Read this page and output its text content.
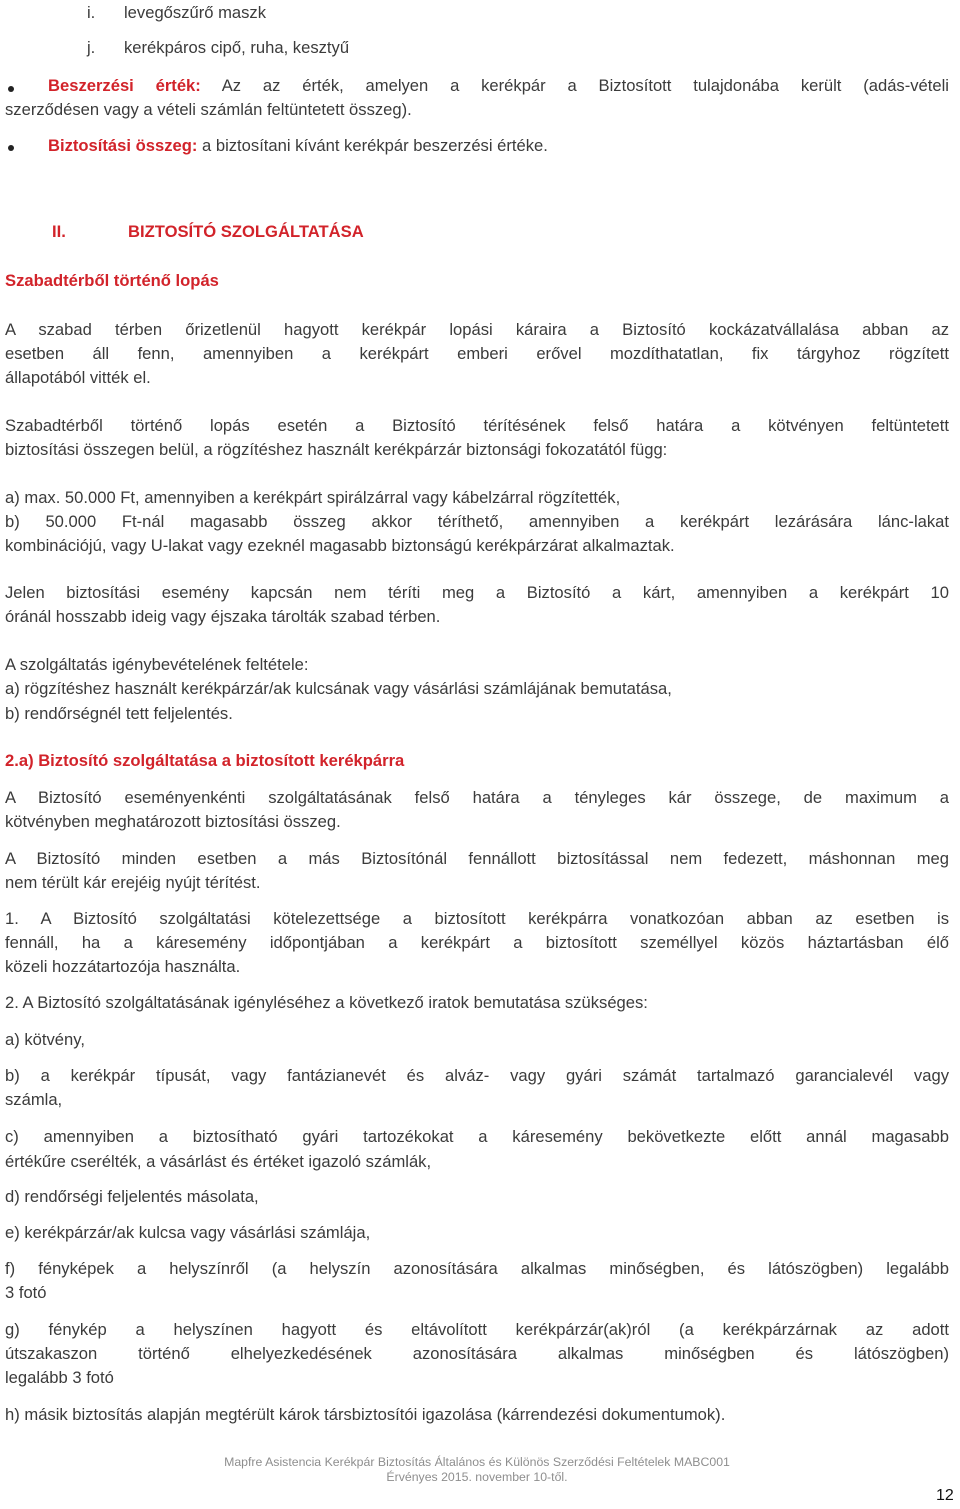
i. levegőszűrő maszk
j. kerékpáros cipő, ruha, kesztyű
Beszerzési érték: Az az érték, amelyen a kerékpár a Biztosított tulajdonába került (adás-vételi
szerződésen vagy a vételi számlán feltüntetett összeg).
Biztosítási összeg: a biztosítani kívánt kerékpár beszerzési értéke.
II.	BIZTOSÍTÓ SZOLGÁLTATÁSA
Szabadtérből történő lopás
A szabad térben őrizetlenül hagyott kerékpár lopási káraira a Biztosító kockázatvállalása abban az
esetben áll fenn, amennyiben a kerékpárt emberi erővel mozdíthatatlan, fix tárgyhoz rögzített
állapotából vitték el.
Szabadtérből történő lopás esetén a Biztosító térítésének felső határa a kötvényen feltüntetett
biztosítási összegen belül, a rögzítéshez használt kerékpárzár biztonsági fokozatától függ:
a) max. 50.000 Ft, amennyiben a kerékpárt spirálzárral vagy kábelzárral rögzítették,
b) 50.000 Ft-nál magasabb összeg akkor téríthető, amennyiben a kerékpárt lezárására lánc-lakat
kombinációjú, vagy U-lakat vagy ezeknél magasabb biztonságú kerékpárzárat alkalmaztak.
Jelen biztosítási esemény kapcsán nem téríti meg a Biztosító a kárt, amennyiben a kerékpárt 10
óránál hosszabb ideig vagy éjszaka tárolták szabad térben.
A szolgáltatás igénybevételének feltétele:
a) rögzítéshez használt kerékpárzár/ak kulcsának vagy vásárlási számlájának bemutatása,
b) rendőrségnél tett feljelentés.
2.a) Biztosító szolgáltatása a biztosított kerékpárra
A Biztosító eseményenkénti szolgáltatásának felső határa a tényleges kár összege, de maximum a
kötvényben meghatározott biztosítási összeg.
A Biztosító minden esetben a más Biztosítónál fennállott biztosítással nem fedezett, máshonnan meg
nem térült kár erejéig nyújt térítést.
1. A Biztosító szolgáltatási kötelezettsége a biztosított kerékpárra vonatkozóan abban az esetben is
fennáll, ha a káresemény időpontjában a kerékpárt a biztosított személlyel közös háztartásban élő
közeli hozzátartozója használta.
2. A Biztosító szolgáltatásának igényléséhez a következő iratok bemutatása szükséges:
a) kötvény,
b) a kerékpár típusát, vagy fantázianevét és alváz- vagy gyári számát tartalmazó garancialevél vagy
számla,
c) amennyiben a biztosítható gyári tartozékokat a káresemény bekövetkezte előtt annál magasabb
értékűre cserélték, a vásárlást és értéket igazoló számlák,
d) rendőrségi feljelentés másolata,
e) kerékpárzár/ak kulcsa vagy vásárlási számlája,
f) fényképek a helyszínről (a helyszín azonosítására alkalmas minőségben, és látószögben) legalább
3 fotó
g) fénykép a helyszínen hagyott és eltávolított kerékpárzár(ak)ról (a kerékpárzárnak az adott
útszakaszon történő elhelyezkedésének azonosítására alkalmas minőségben és látószögben)
legalább 3 fotó
h) másik biztosítás alapján megtérült károk társbiztosítói igazolása (kárrendezési dokumentumok).
Mapfre Asistencia Kerékpár Biztosítás Általános és Különös Szerződési Feltételek MABC001
Érvényes 2015. november 10-től.
12
